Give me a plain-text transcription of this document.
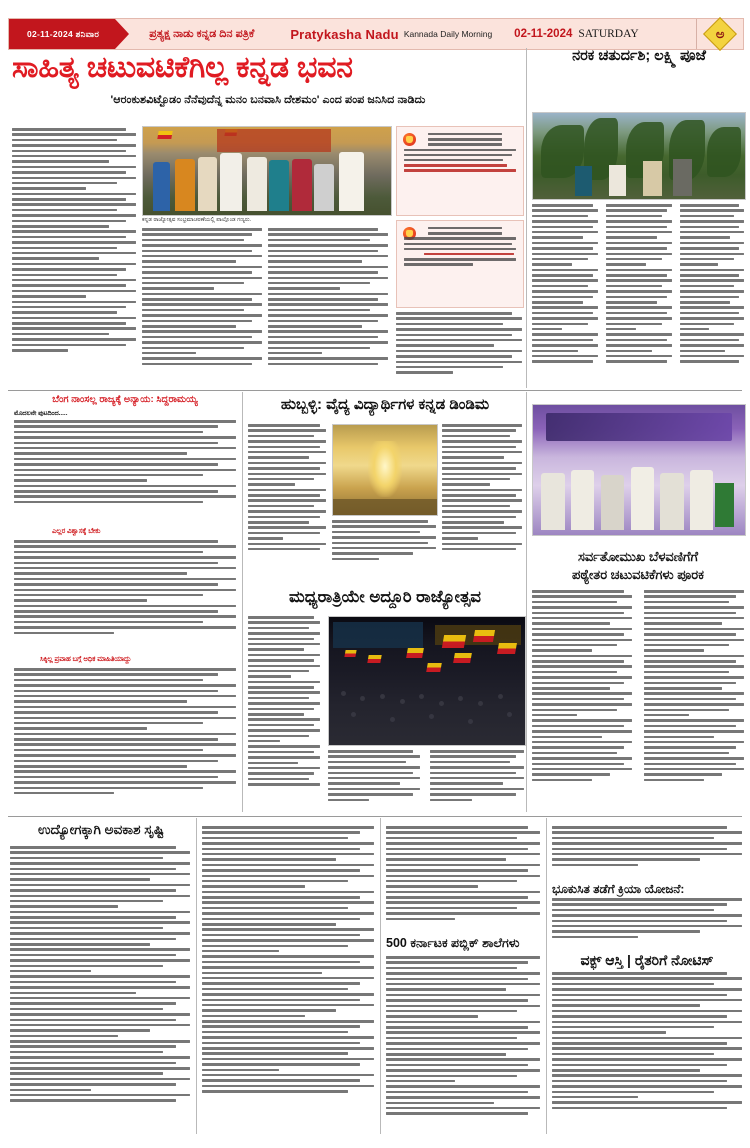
02-11-2024 ಶನಿವಾರ	ಪ್ರತ್ಯಕ್ಷ ನಾಡು ಕನ್ನಡ ದಿನ ಪತ್ರಿಕೆ	Pratykasha Nadu Kannada Daily Morning 02-11-2024 SATURDAY	ಅ
ಸಾಹಿತ್ಯ ಚಟುವಟಿಕೆಗಿಲ್ಲ ಕನ್ನಡ ಭವನ
'ಆರಂಕುಶವಿಟ್ಟೊಡಂ ನೆನೆವುದೆನ್ನ ಮನಂ ಬನವಾಸಿ ದೇಶಮಂ' ಎಂದ ಪಂಪ ಜನಿಸಿದ ನಾಡಿದು
ನರಕ ಚತುರ್ದಶಿ; ಲಕ್ಷ್ಮಿ ಪೂಜೆ
ಕನ್ನಡ ರಾಜ್ಯೋತ್ಸವ ಸಂಭ್ರಮಾಚರಣೆಯಲ್ಲಿ ಪಾಲ್ಗೊಂಡ ಗಣ್ಯರು.
ಬೆಂಗ ನಾಂಸಲ್ಲ ರಾಜ್ಯಕ್ಕೆ ಅನ್ಯಾಯ: ಸಿದ್ದರಾಮಯ್ಯ
ಮೊದಲನೇ ಪುಟದಿಂದ.....
ಎಲ್ಲರ ವಿಶ್ವಾಸಕ್ಕೆ ಬೇಕು
ಸಿಕ್ಕಿಲ್ಲ ಪ್ರವಾಹ ಬಗ್ಗೆ ಅಧಿಕ ಮಾಹಿತಿಯಾದ್ದು
ಹುಬ್ಬಳ್ಳಿ: ವೈದ್ಯ ವಿದ್ಯಾರ್ಥಿಗಳ ಕನ್ನಡ ಡಿಂಡಿಮ
ಮಧ್ಯರಾತ್ರಿಯೇ ಅದ್ದೂರಿ ರಾಜ್ಯೋತ್ಸವ
ಸರ್ವತೋಮುಖ ಬೆಳವಣಿಗೆಗೆ
ಪಠ್ಯೇತರ ಚಟುವಟಿಕೆಗಳು ಪೂರಕ
ಉದ್ಯೋಗಕ್ಕಾಗಿ ಅವಕಾಶ ಸೃಷ್ಟಿ
500 ಕರ್ನಾಟಕ ಪಬ್ಲಿಕ್ ಶಾಲೆಗಳು
ಭೂಕುಸಿತ ತಡೆಗೆ ಕ್ರಿಯಾ ಯೋಜನೆ:
ವಕ್ಫ್ ಆಸ್ತಿ | ರೈತರಿಗೆ ನೋಟಿಸ್
